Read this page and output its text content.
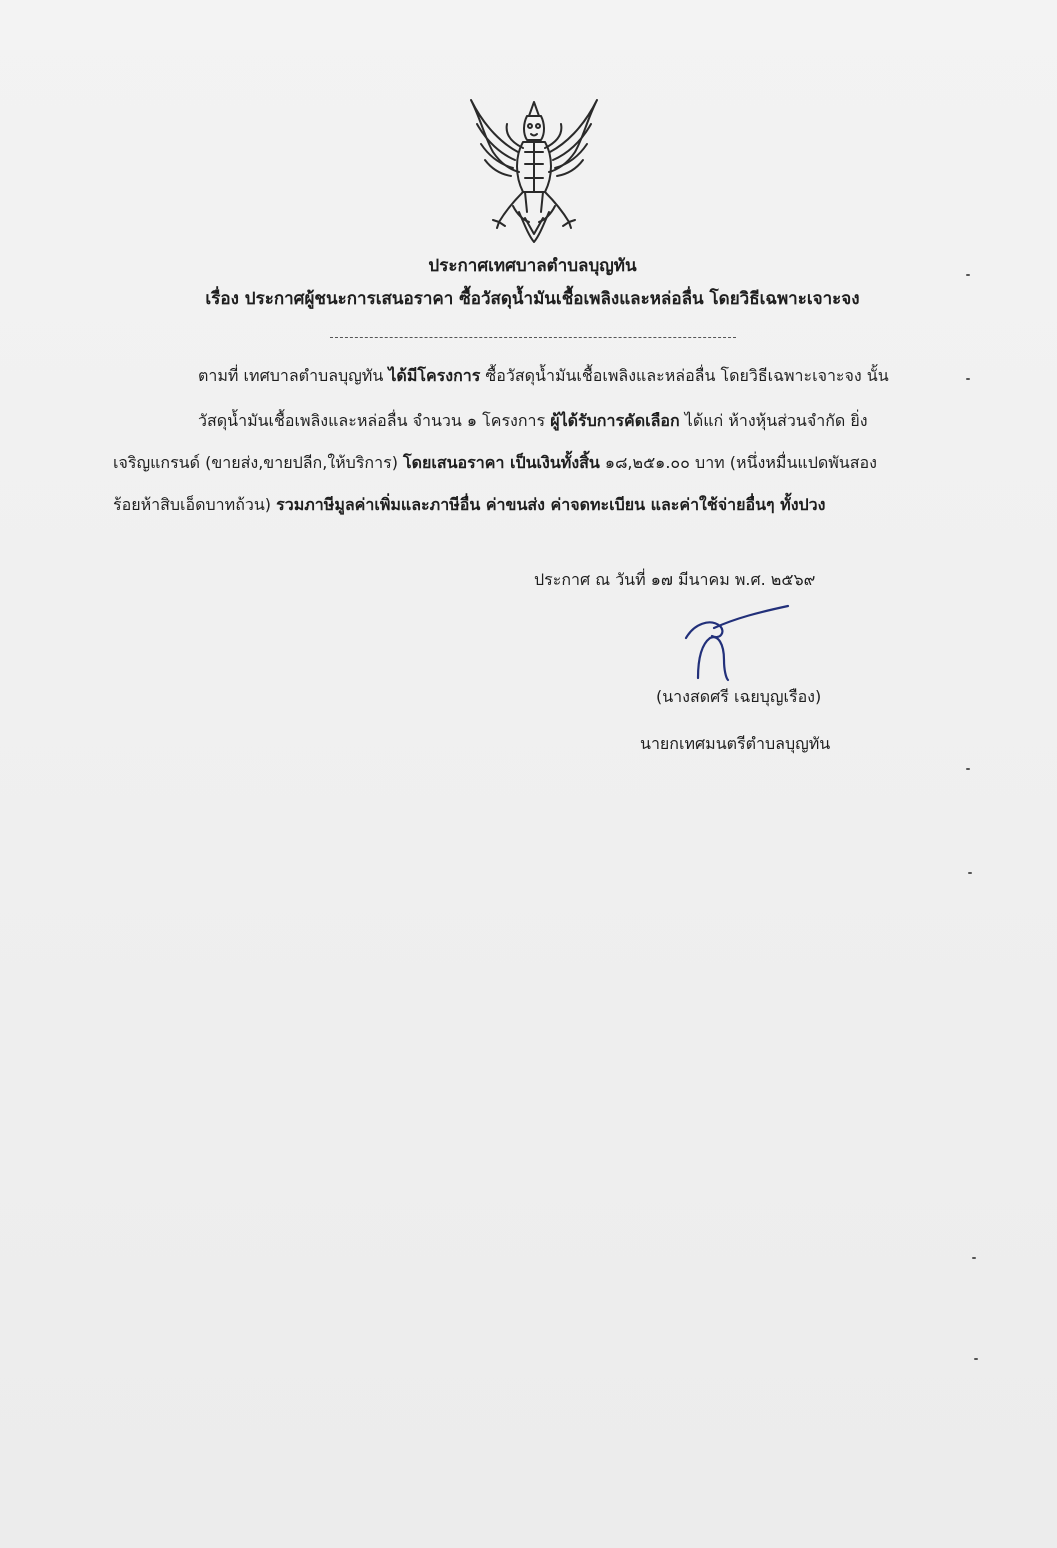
ประกาศเทศบาลตำบลบุญทัน
เรื่อง ประกาศผู้ชนะการเสนอราคา ซื้อวัสดุน้ำมันเชื้อเพลิงและหล่อลื่น โดยวิธีเฉพาะเจาะจง
ตามที่ เทศบาลตำบลบุญทัน ได้มีโครงการ ซื้อวัสดุน้ำมันเชื้อเพลิงและหล่อลื่น โดยวิธีเฉพาะเจาะจง นั้น
วัสดุน้ำมันเชื้อเพลิงและหล่อลื่น จำนวน ๑ โครงการ ผู้ได้รับการคัดเลือก ได้แก่ ห้างหุ้นส่วนจำกัด ยิ่ง
เจริญแกรนด์ (ขายส่ง,ขายปลีก,ให้บริการ) โดยเสนอราคา เป็นเงินทั้งสิ้น ๑๘,๒๕๑.๐๐ บาท (หนึ่งหมื่นแปดพันสอง
ร้อยห้าสิบเอ็ดบาทถ้วน) รวมภาษีมูลค่าเพิ่มและภาษีอื่น ค่าขนส่ง ค่าจดทะเบียน และค่าใช้จ่ายอื่นๆ ทั้งปวง
ประกาศ ณ วันที่ ๑๗ มีนาคม พ.ศ. ๒๕๖๙
(นางสดศรี เฉยบุญเรือง)
นายกเทศมนตรีตำบลบุญทัน
